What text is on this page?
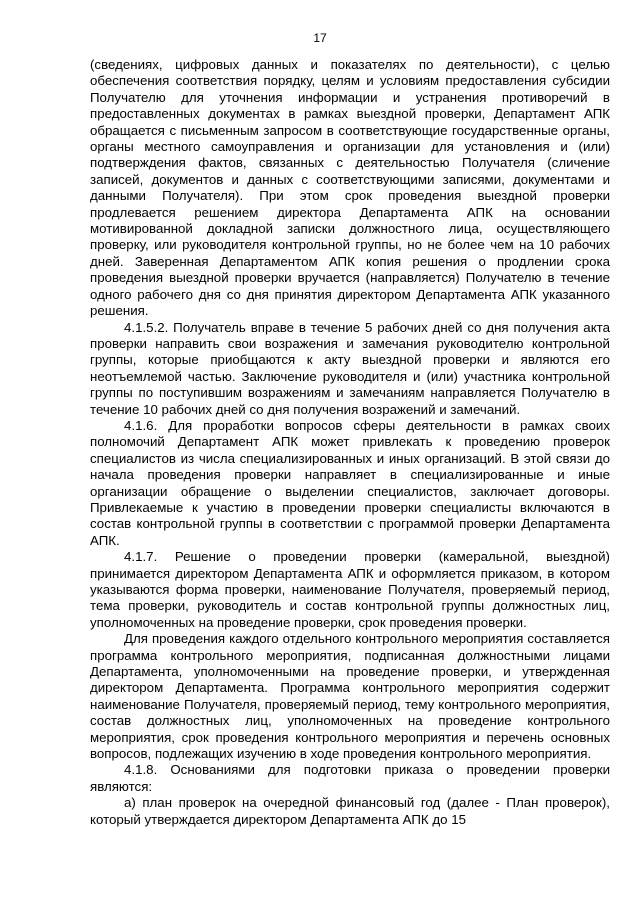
17

(сведениях, цифровых данных и показателях по деятельности), с целью обеспечения соответствия порядку, целям и условиям предоставления субсидии Получателю для уточнения информации и устранения противоречий в предоставленных документах в рамках выездной проверки, Департамент АПК обращается с письменным запросом в соответствующие государственные органы, органы местного самоуправления и организации для установления и (или) подтверждения фактов, связанных с деятельностью Получателя (сличение записей, документов и данных с соответствующими записями, документами и данными Получателя). При этом срок проведения выездной проверки продлевается решением директора Департамента АПК на основании мотивированной докладной записки должностного лица, осуществляющего проверку, или руководителя контрольной группы, но не более чем на 10 рабочих дней. Заверенная Департаментом АПК копия решения о продлении срока проведения выездной проверки вручается (направляется) Получателю в течение одного рабочего дня со дня принятия директором Департамента АПК указанного решения.

4.1.5.2. Получатель вправе в течение 5 рабочих дней со дня получения акта проверки направить свои возражения и замечания руководителю контрольной группы, которые приобщаются к акту выездной проверки и являются его неотъемлемой частью. Заключение руководителя и (или) участника контрольной группы по поступившим возражениям и замечаниям направляется Получателю в течение 10 рабочих дней со дня получения возражений и замечаний.

4.1.6. Для проработки вопросов сферы деятельности в рамках своих полномочий Департамент АПК может привлекать к проведению проверок специалистов из числа специализированных и иных организаций. В этой связи до начала проведения проверки направляет в специализированные и иные организации обращение о выделении специалистов, заключает договоры. Привлекаемые к участию в проведении проверки специалисты включаются в состав контрольной группы в соответствии с программой проверки Департамента АПК.

4.1.7. Решение о проведении проверки (камеральной, выездной) принимается директором Департамента АПК и оформляется приказом, в котором указываются форма проверки, наименование Получателя, проверяемый период, тема проверки, руководитель и состав контрольной группы должностных лиц, уполномоченных на проведение проверки, срок проведения проверки.

Для проведения каждого отдельного контрольного мероприятия составляется программа контрольного мероприятия, подписанная должностными лицами Департамента, уполномоченными на проведение проверки, и утвержденная директором Департамента. Программа контрольного мероприятия содержит наименование Получателя, проверяемый период, тему контрольного мероприятия, состав должностных лиц, уполномоченных на проведение контрольного мероприятия, срок проведения контрольного мероприятия и перечень основных вопросов, подлежащих изучению в ходе проведения контрольного мероприятия.

4.1.8. Основаниями для подготовки приказа о проведении проверки являются:

а) план проверок на очередной финансовый год (далее - План проверок), который утверждается директором Департамента АПК до 15
